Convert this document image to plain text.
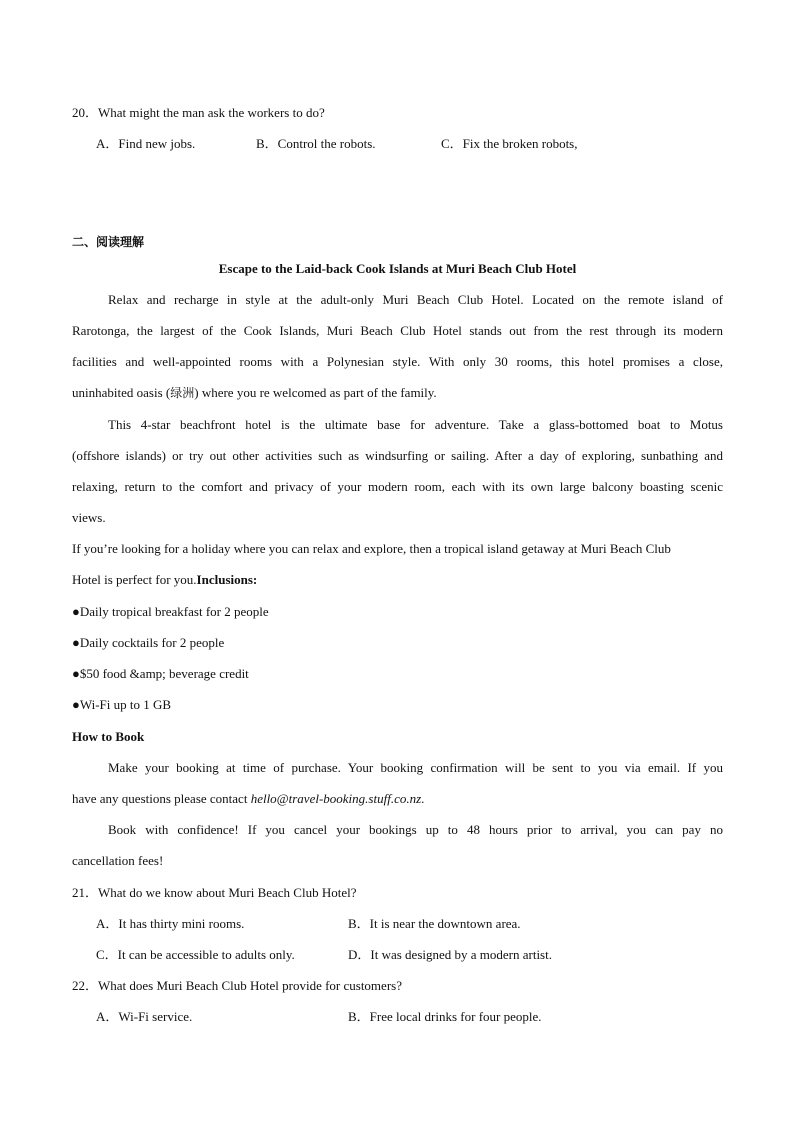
20．What might the man ask the workers to do?
A．Find new jobs.	B．Control the robots.	C．Fix the broken robots,
二、阅读理解
Escape to the Laid-back Cook Islands at Muri Beach Club Hotel
Relax and recharge in style at the adult-only Muri Beach Club Hotel. Located on the remote island of
Rarotonga, the largest of the Cook Islands, Muri Beach Club Hotel stands out from the rest through its modern
facilities and well-appointed rooms with a Polynesian style. With only 30 rooms, this hotel promises a close,
uninhabited oasis (绿洲) where you re welcomed as part of the family.
This 4-star beachfront hotel is the ultimate base for adventure. Take a glass-bottomed boat to Motus
(offshore islands) or try out other activities such as windsurfing or sailing. After a day of exploring, sunbathing and
relaxing, return to the comfort and privacy of your modern room, each with its own large balcony boasting scenic
views.
If you’re looking for a holiday where you can relax and explore, then a tropical island getaway at Muri Beach Club
Hotel is perfect for you.Inclusions:
●Daily tropical breakfast for 2 people
●Daily cocktails for 2 people
●$50 food &amp; beverage credit
●Wi-Fi up to 1 GB
How to Book
Make your booking at time of purchase. Your booking confirmation will be sent to you via email. If you
have any questions please contact hello@travel-booking.stuff.co.nz.
Book with confidence! If you cancel your bookings up to 48 hours prior to arrival, you can pay no
cancellation fees!
21．What do we know about Muri Beach Club Hotel?
A．It has thirty mini rooms.	B．It is near the downtown area.
C．It can be accessible to adults only.	D．It was designed by a modern artist.
22．What does Muri Beach Club Hotel provide for customers?
A．Wi-Fi service.	B．Free local drinks for four people.
